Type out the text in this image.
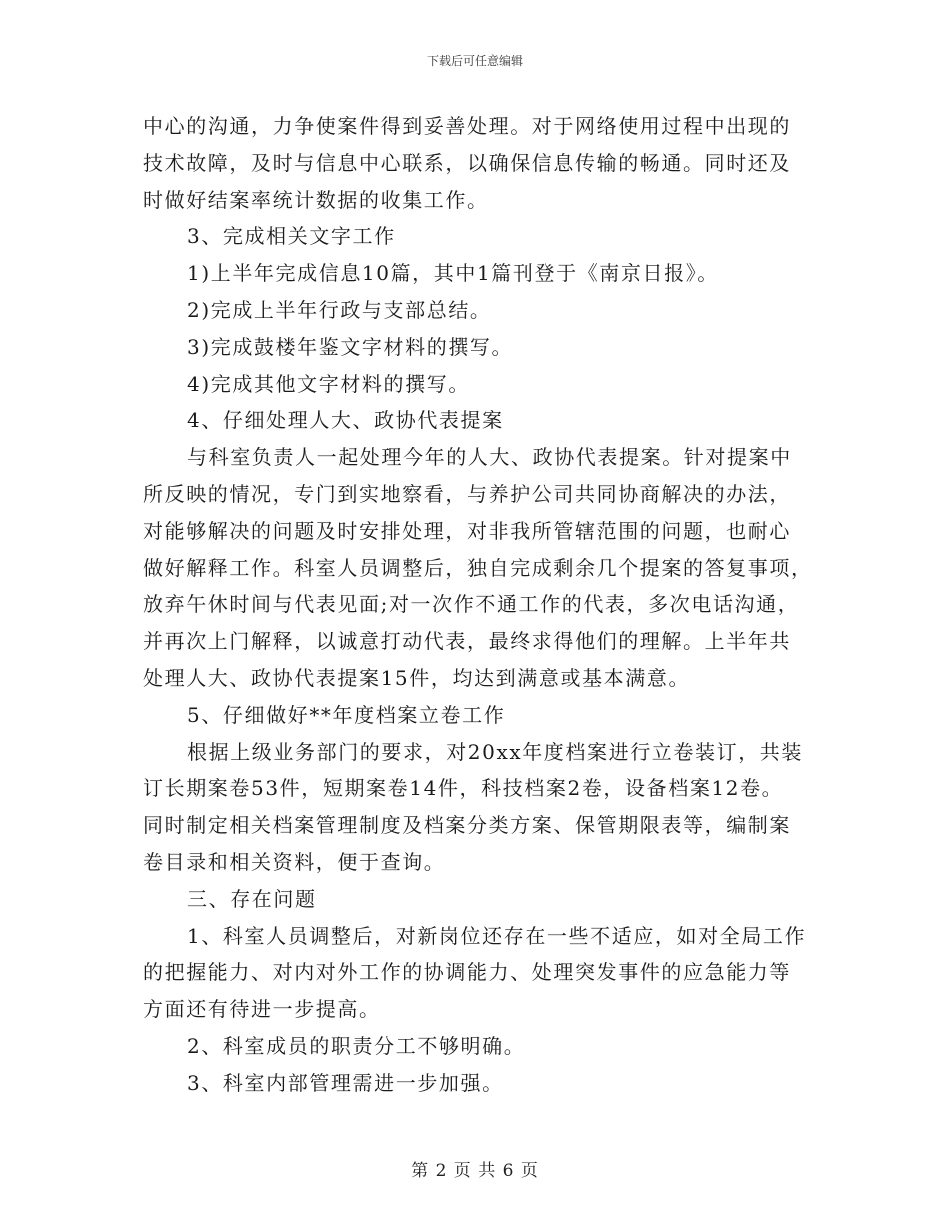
下载后可任意编辑
中心的沟通，力争使案件得到妥善处理。对于网络使用过程中出现的
技术故障，及时与信息中心联系，以确保信息传输的畅通。同时还及
时做好结案率统计数据的收集工作。
3、完成相关文字工作
1)上半年完成信息10篇，其中1篇刊登于《南京日报》。
2)完成上半年行政与支部总结。
3)完成鼓楼年鉴文字材料的撰写。
4)完成其他文字材料的撰写。
4、仔细处理人大、政协代表提案
与科室负责人一起处理今年的人大、政协代表提案。针对提案中
所反映的情况，专门到实地察看，与养护公司共同协商解决的办法，
对能够解决的问题及时安排处理，对非我所管辖范围的问题，也耐心
做好解释工作。科室人员调整后，独自完成剩余几个提案的答复事项，
放弃午休时间与代表见面;对一次作不通工作的代表，多次电话沟通，
并再次上门解释，以诚意打动代表，最终求得他们的理解。上半年共
处理人大、政协代表提案15件，均达到满意或基本满意。
5、仔细做好**年度档案立卷工作
根据上级业务部门的要求，对20xx年度档案进行立卷装订，共装
订长期案卷53件，短期案卷14件，科技档案2卷，设备档案12卷。
同时制定相关档案管理制度及档案分类方案、保管期限表等，编制案
卷目录和相关资料，便于查询。
三、存在问题
1、科室人员调整后，对新岗位还存在一些不适应，如对全局工作
的把握能力、对内对外工作的协调能力、处理突发事件的应急能力等
方面还有待进一步提高。
2、科室成员的职责分工不够明确。
3、科室内部管理需进一步加强。
第 2 页 共 6 页
